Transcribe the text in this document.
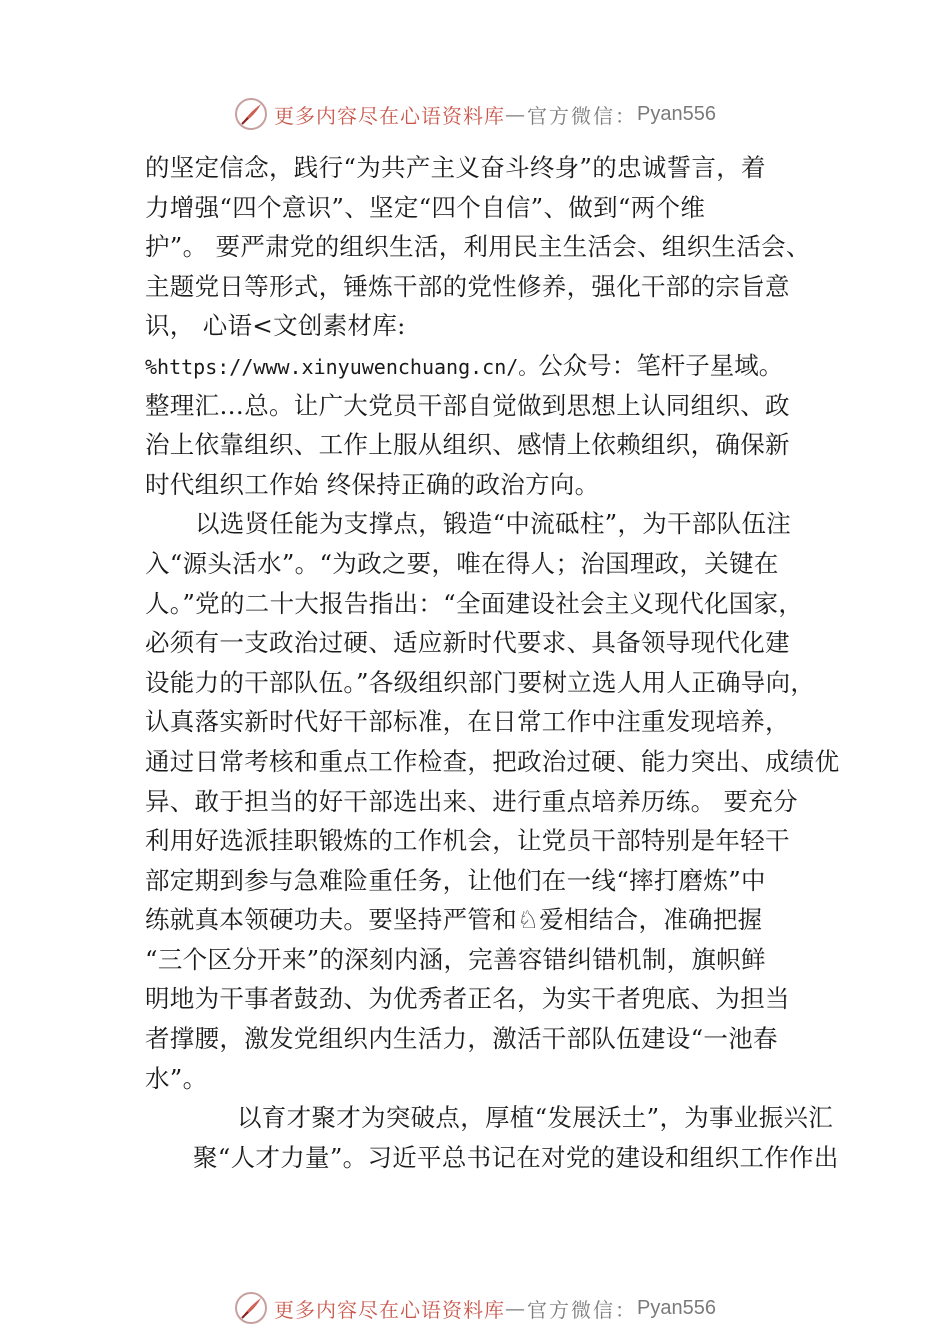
更多内容尽在心语资料库 — 官方微信： Pyan556
的坚定信念，践行“为共产主义奋斗终身”的忠诚誓言，着
力增强“四个意识”、坚定“四个自信”、做到“两个维
护”。 要严肃党的组织生活，利用民主生活会、组织生活会、
主题党日等形式，锤炼干部的党性修养，强化干部的宗旨意
识， 心语<文创素材库:
%https://www.xinyuwenchuang.cn/。公众号：笔杆子星域。
整理汇…总。让广大党员干部自觉做到思想上认同组织、政
治上依靠组织、工作上服从组织、感情上依赖组织，确保新
时代组织工作始 终保持正确的政治方向。
以选贤任能为支撑点，锻造“中流砥柱”，为干部队伍注
入“源头活水”。“为政之要，唯在得人；治国理政，关键在
人。”党的二十大报告指出：“全面建设社会主义现代化国家，
必须有一支政治过硬、适应新时代要求、具备领导现代化建
设能力的干部队伍。”各级组织部门要树立选人用人正确导向，
认真落实新时代好干部标准，在日常工作中注重发现培养，
通过日常考核和重点工作检查，把政治过硬、能力突出、成绩优
异、敢于担当的好干部选出来、进行重点培养历练。 要充分
利用好选派挂职锻炼的工作机会，让党员干部特别是年轻干
部定期到参与急难险重任务，让他们在一线“摔打磨炼”中
练就真本领硬功夫。要坚持严管和♘爱相结合，准确把握
“三个区分开来”的深刻内涵，完善容错纠错机制，旗帜鲜
明地为干事者鼓劲、为优秀者正名，为实干者兜底、为担当
者撑腰，激发党组织内生活力，激活干部队伍建设“一池春
水”。
以育才聚才为突破点，厚植“发展沃土”，为事业振兴汇
聚“人才力量”。习近平总书记在对党的建设和组织工作作出
更多内容尽在心语资料库 — 官方微信： Pyan556
